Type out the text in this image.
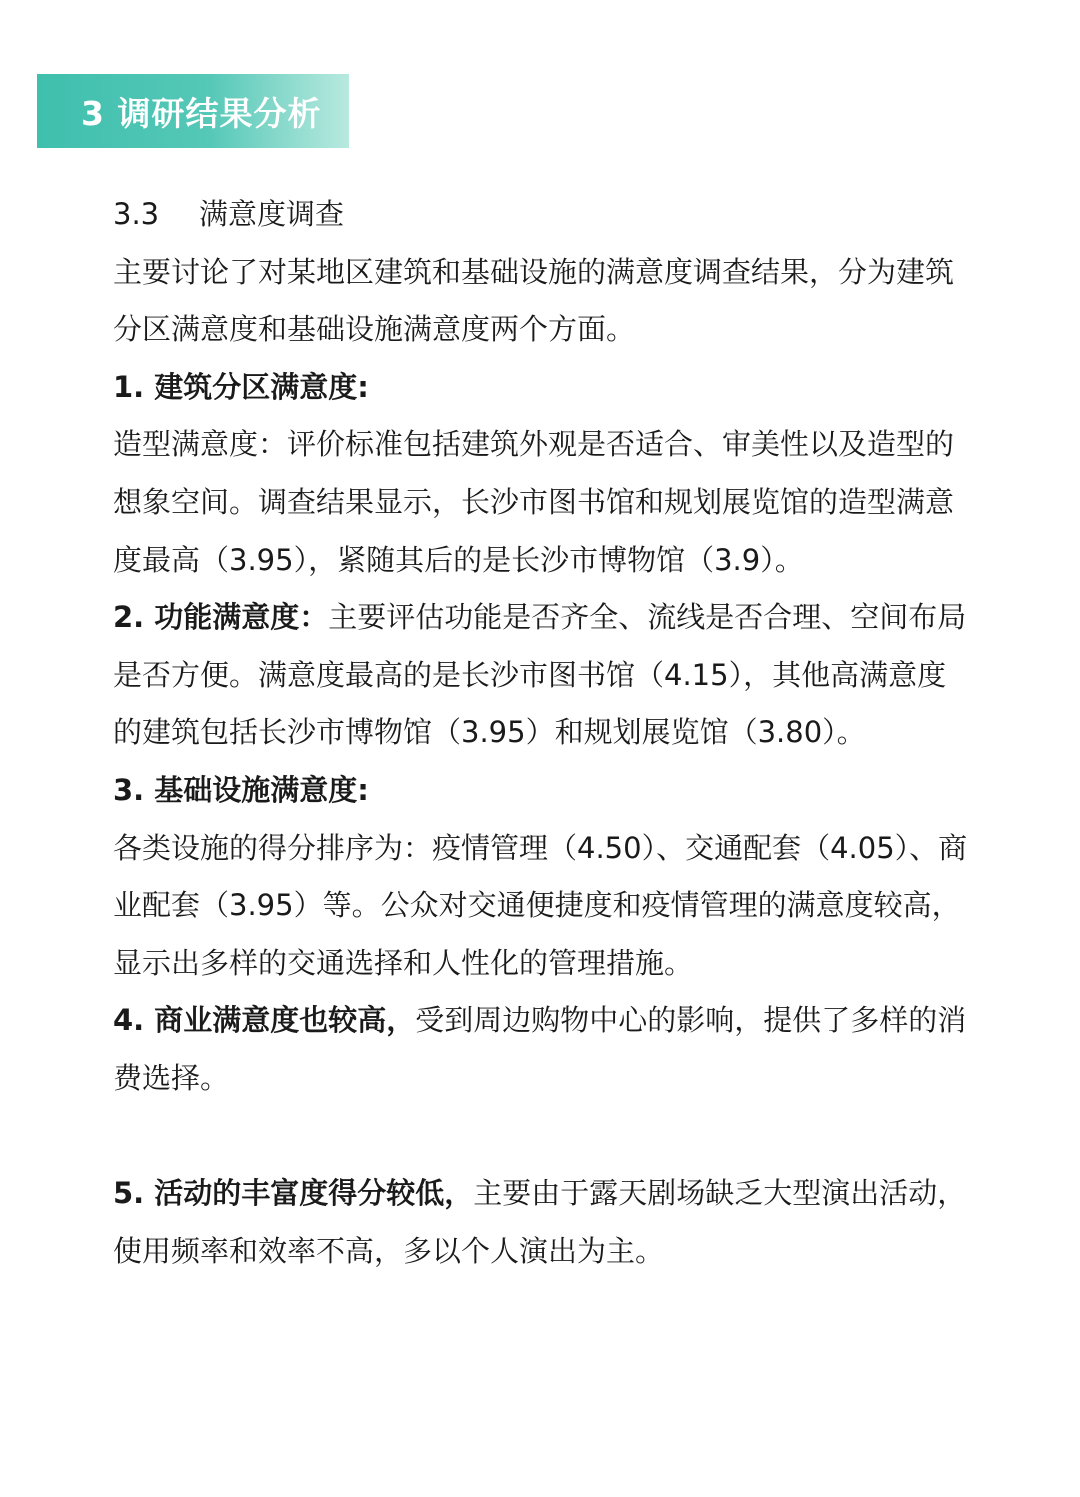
3 调研结果分析

3.3 满意度调查

主要讨论了对某地区建筑和基础设施的满意度调查结果，分为建筑分区满意度和基础设施满意度两个方面。

1. 建筑分区满意度:

造型满意度：评价标准包括建筑外观是否适合、审美性以及造型的想象空间。调查结果显示，长沙市图书馆和规划展览馆的造型满意度最高（3.95），紧随其后的是长沙市博物馆（3.9）。

2. 功能满意度：主要评估功能是否齐全、流线是否合理、空间布局是否方便。满意度最高的是长沙市图书馆（4.15），其他高满意度的建筑包括长沙市博物馆（3.95）和规划展览馆（3.80）。

3. 基础设施满意度:

各类设施的得分排序为：疫情管理（4.50）、交通配套（4.05）、商业配套（3.95）等。公众对交通便捷度和疫情管理的满意度较高，显示出多样的交通选择和人性化的管理措施。

4. 商业满意度也较高，受到周边购物中心的影响，提供了多样的消费选择。

5. 活动的丰富度得分较低，主要由于露天剧场缺乏大型演出活动，使用频率和效率不高，多以个人演出为主。
